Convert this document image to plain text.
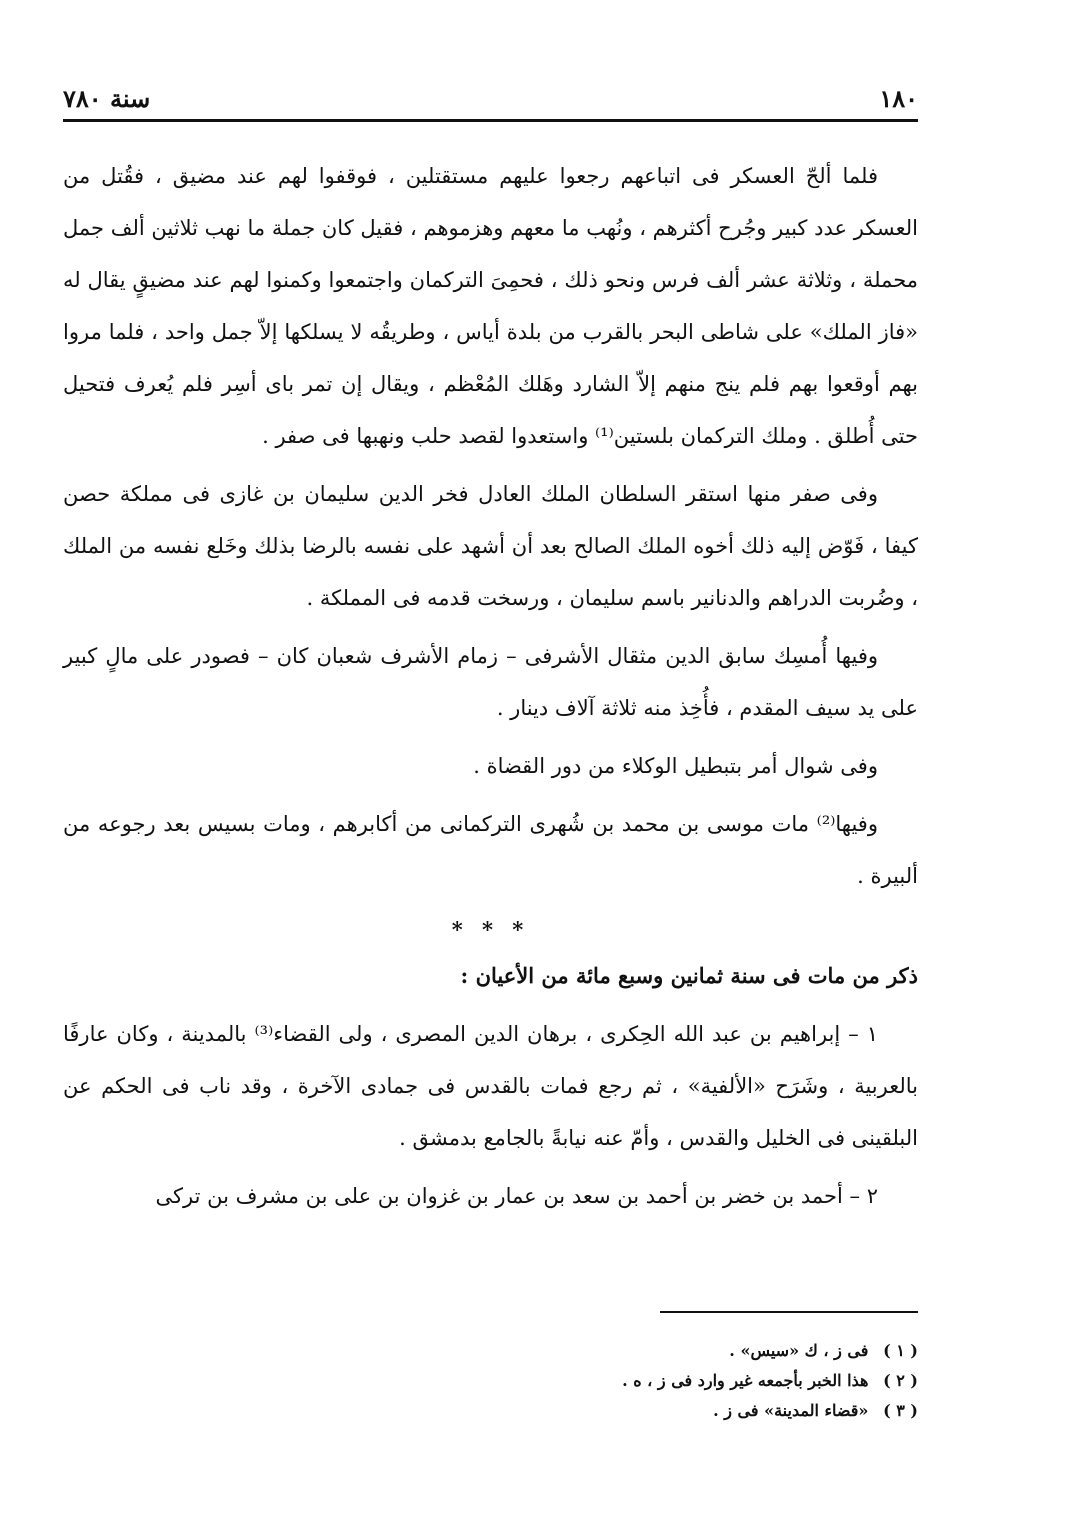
١٨٠
سنة ٧٨٠

فلما ألحّ العسكر فى اتباعهم رجعوا عليهم مستقتلين ، فوقفوا لهم عند مضيق ، فقُتل من العسكر عدد كبير وجُرح أكثرهم ، ونُهب ما معهم وهزموهم ، فقيل كان جملة ما نهب ثلاثين ألف جمل محملة ، وثلاثة عشر ألف فرس ونحو ذلك ، فحمِىَ التركمان واجتمعوا وكمنوا لهم عند مضيقٍ يقال له «فاز الملك» على شاطى البحر بالقرب من بلدة أياس ، وطريقُه لا يسلكها إلاّ جمل واحد ، فلما مروا بهم أوقعوا بهم فلم ينج منهم إلاّ الشارد وهَلك المُعْظم ، ويقال إن تمر باى أسِر فلم يُعرف فتحيل حتى أُطلق . وملك التركمان بلستين⁽¹⁾ واستعدوا لقصد حلب ونهبها فى صفر .

وفى صفر منها استقر السلطان الملك العادل فخر الدين سليمان بن غازى فى مملكة حصن كيفا ، فَوّض إليه ذلك أخوه الملك الصالح بعد أن أشهد على نفسه بالرضا بذلك وخَلع نفسه من الملك ، وضُربت الدراهم والدنانير باسم سليمان ، ورسخت قدمه فى المملكة .

وفيها أُمسِك سابق الدين مثقال الأشرفى – زمام الأشرف شعبان كان – فصودر على مالٍ كبير على يد سيف المقدم ، فأُخِذ منه ثلاثة آلاف دينار .

وفى شوال أمر بتبطيل الوكلاء من دور القضاة .

وفيها⁽²⁾ مات موسى بن محمد بن شُهرى التركمانى من أكابرهم ، ومات بسيس بعد رجوعه من ألبيرة .

* * *

ذكر من مات فى سنة ثمانين وسبع مائة من الأعيان :

١ – إبراهيم بن عبد الله الحِكرى ، برهان الدين المصرى ، ولى القضاء⁽³⁾ بالمدينة ، وكان عارفًا بالعربية ، وشَرَح «الألفية» ، ثم رجع فمات بالقدس فى جمادى الآخرة ، وقد ناب فى الحكم عن البلقينى فى الخليل والقدس ، وأمّ عنه نيابةً بالجامع بدمشق .

٢ – أحمد بن خضر بن أحمد بن سعد بن عمار بن غزوان بن على بن مشرف بن تركى

( ١ ) فى ز ، ك «سيس» .
( ٢ ) هذا الخبر بأجمعه غير وارد فى ز ، ه .
( ٣ ) «قضاء المدينة» فى ز .
